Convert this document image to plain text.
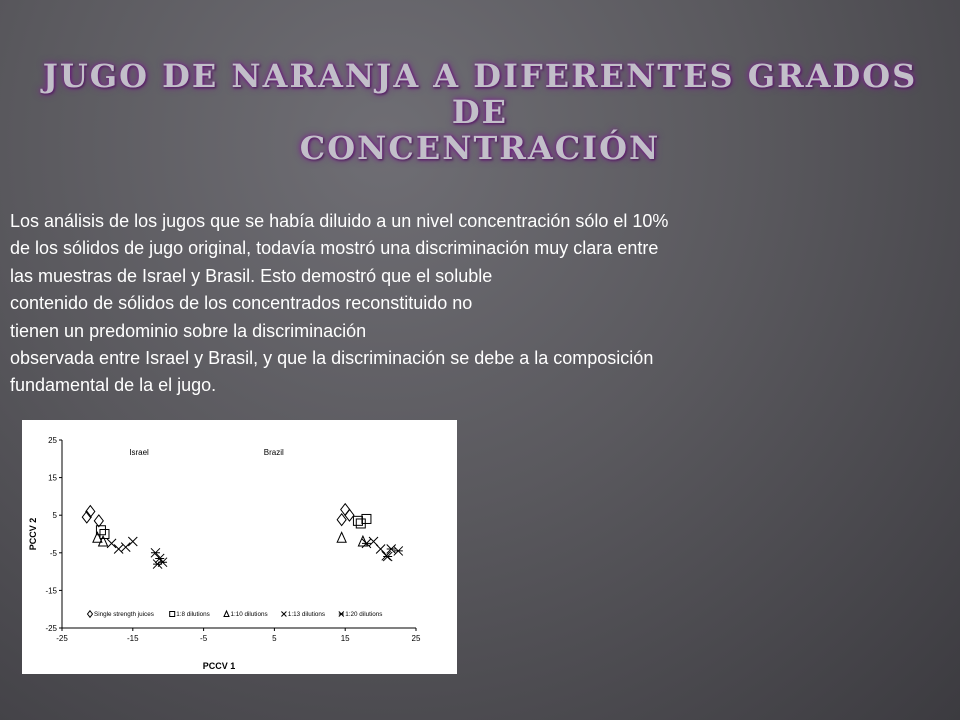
JUGO DE NARANJA A DIFERENTES GRADOS DE
CONCENTRACIÓN
Los análisis de los jugos que se había diluido a un nivel concentración sólo el 10%
de los sólidos de jugo original, todavía mostró una discriminación muy clara entre
las muestras de Israel y Brasil. Esto demostró que el soluble
contenido de sólidos de los concentrados reconstituido no
tienen un predominio sobre la discriminación
observada entre Israel y Brasil, y que la discriminación se debe a la composición
fundamental de la el jugo.
25
15
5
-5
-15
-25
-25	-15	-5	5	15	25
PCCV 1
PCCV 2
Israel	Brazil
Single strength juices	1:8 dilutions	1:10 dilutions	1:13 dilutions	1:20 dilutions
